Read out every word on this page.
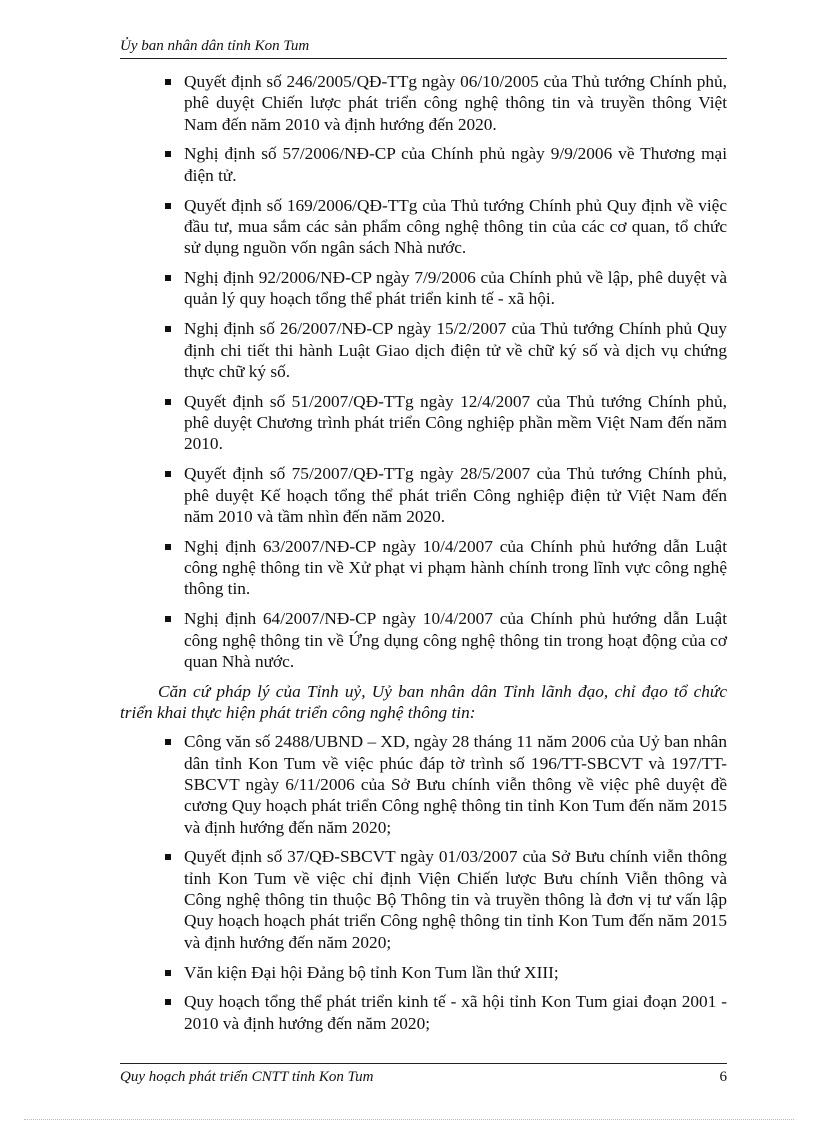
Ủy ban nhân dân tỉnh Kon Tum
Quyết định số 246/2005/QĐ-TTg ngày 06/10/2005 của Thủ tướng Chính phủ, phê duyệt Chiến lược phát triển công nghệ thông tin và truyền thông Việt Nam đến năm 2010 và định hướng đến 2020.
Nghị định số 57/2006/NĐ-CP của Chính phủ ngày 9/9/2006 về Thương mại điện tử.
Quyết định số 169/2006/QĐ-TTg của Thủ tướng Chính phủ Quy định về việc đầu tư, mua sắm các sản phẩm công nghệ thông tin của các cơ quan, tổ chức sử dụng nguồn vốn ngân sách Nhà nước.
Nghị định 92/2006/NĐ-CP ngày 7/9/2006 của Chính phủ về lập, phê duyệt và quản lý quy hoạch tổng thể phát triển kinh tế - xã hội.
Nghị định số 26/2007/NĐ-CP ngày 15/2/2007 của Thủ tướng Chính phủ Quy định chi tiết thi hành Luật Giao dịch điện tử về chữ ký số và dịch vụ chứng thực chữ ký số.
Quyết định số 51/2007/QĐ-TTg ngày 12/4/2007 của Thủ tướng Chính phủ, phê duyệt Chương trình phát triển Công nghiệp phần mềm Việt Nam đến năm 2010.
Quyết định số 75/2007/QĐ-TTg ngày 28/5/2007 của Thủ tướng Chính phủ, phê duyệt Kế hoạch tổng thể phát triển Công nghiệp điện tử Việt Nam đến năm 2010 và tầm nhìn đến năm 2020.
Nghị định 63/2007/NĐ-CP ngày 10/4/2007 của Chính phủ hướng dẫn Luật công nghệ thông tin về Xử phạt vi phạm hành chính trong lĩnh vực công nghệ thông tin.
Nghị định 64/2007/NĐ-CP ngày 10/4/2007 của Chính phủ hướng dẫn Luật công nghệ thông tin về Ứng dụng công nghệ thông tin trong hoạt động của cơ quan Nhà nước.

Căn cứ pháp lý của Tỉnh uỷ, Uỷ ban nhân dân Tỉnh lãnh đạo, chỉ đạo tổ chức triển khai thực hiện phát triển công nghệ thông tin:

Công văn số 2488/UBND – XD, ngày 28 tháng 11 năm 2006 của Uỷ ban nhân dân tỉnh Kon Tum về việc phúc đáp tờ trình số 196/TT-SBCVT và 197/TT-SBCVT ngày 6/11/2006 của Sở Bưu chính viễn thông về việc phê duyệt đề cương Quy hoạch phát triển Công nghệ thông tin tỉnh Kon Tum đến năm 2015 và định hướng đến năm 2020;
Quyết định số 37/QĐ-SBCVT ngày 01/03/2007 của Sở Bưu chính viễn thông tỉnh Kon Tum về việc chỉ định Viện Chiến lược Bưu chính Viễn thông và Công nghệ thông tin thuộc Bộ Thông tin và truyền thông là đơn vị tư vấn lập Quy hoạch hoạch phát triển Công nghệ thông tin tỉnh Kon Tum đến năm 2015 và định hướng đến năm 2020;
Văn kiện Đại hội Đảng bộ tỉnh Kon Tum lần thứ XIII;
Quy hoạch tổng thể phát triển kinh tế - xã hội tỉnh Kon Tum giai đoạn 2001 - 2010 và định hướng đến năm 2020;
Quy hoạch phát triển CNTT tỉnh Kon Tum	6
